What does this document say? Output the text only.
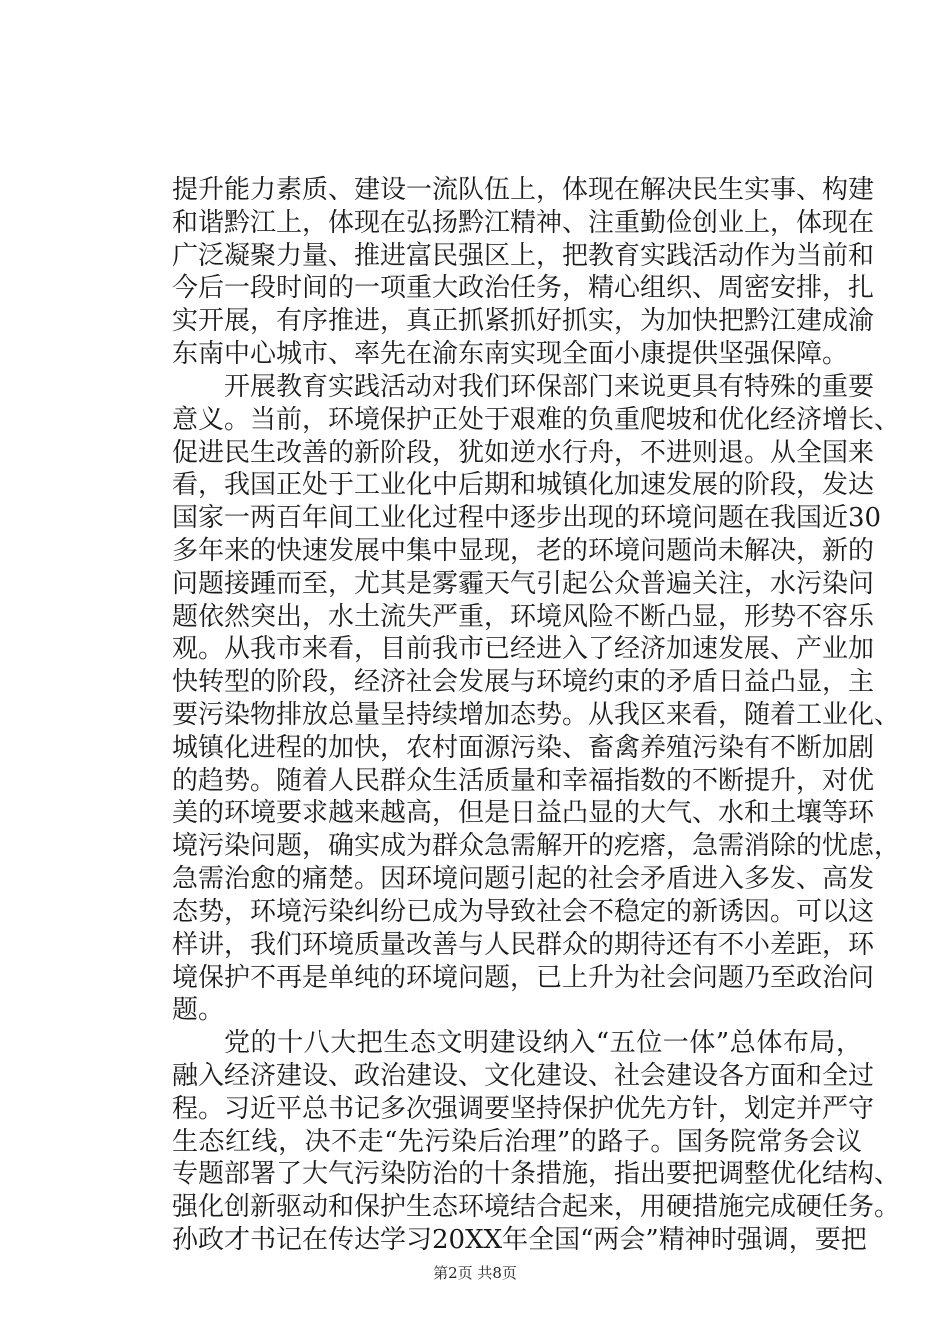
提升能力素质、建设一流队伍上，体现在解决民生实事、构建
和谐黔江上，体现在弘扬黔江精神、注重勤俭创业上，体现在
广泛凝聚力量、推进富民强区上，把教育实践活动作为当前和
今后一段时间的一项重大政治任务，精心组织、周密安排，扎
实开展，有序推进，真正抓紧抓好抓实，为加快把黔江建成渝
东南中心城市、率先在渝东南实现全面小康提供坚强保障。
开展教育实践活动对我们环保部门来说更具有特殊的重要
意义。当前，环境保护正处于艰难的负重爬坡和优化经济增长、
促进民生改善的新阶段，犹如逆水行舟，不进则退。从全国来
看，我国正处于工业化中后期和城镇化加速发展的阶段，发达
国家一两百年间工业化过程中逐步出现的环境问题在我国近30
多年来的快速发展中集中显现，老的环境问题尚未解决，新的
问题接踵而至，尤其是雾霾天气引起公众普遍关注，水污染问
题依然突出，水土流失严重，环境风险不断凸显，形势不容乐
观。从我市来看，目前我市已经进入了经济加速发展、产业加
快转型的阶段，经济社会发展与环境约束的矛盾日益凸显，主
要污染物排放总量呈持续增加态势。从我区来看，随着工业化、
城镇化进程的加快，农村面源污染、畜禽养殖污染有不断加剧
的趋势。随着人民群众生活质量和幸福指数的不断提升，对优
美的环境要求越来越高，但是日益凸显的大气、水和土壤等环
境污染问题，确实成为群众急需解开的疙瘩，急需消除的忧虑，
急需治愈的痛楚。因环境问题引起的社会矛盾进入多发、高发
态势，环境污染纠纷已成为导致社会不稳定的新诱因。可以这
样讲，我们环境质量改善与人民群众的期待还有不小差距，环
境保护不再是单纯的环境问题，已上升为社会问题乃至政治问
题。
党的十八大把生态文明建设纳入“五位一体”总体布局，
融入经济建设、政治建设、文化建设、社会建设各方面和全过
程。习近平总书记多次强调要坚持保护优先方针，划定并严守
生态红线，决不走“先污染后治理”的路子。国务院常务会议
专题部署了大气污染防治的十条措施，指出要把调整优化结构、
强化创新驱动和保护生态环境结合起来，用硬措施完成硬任务。
孙政才书记在传达学习20XX年全国“两会”精神时强调，要把
第2页 共8页
